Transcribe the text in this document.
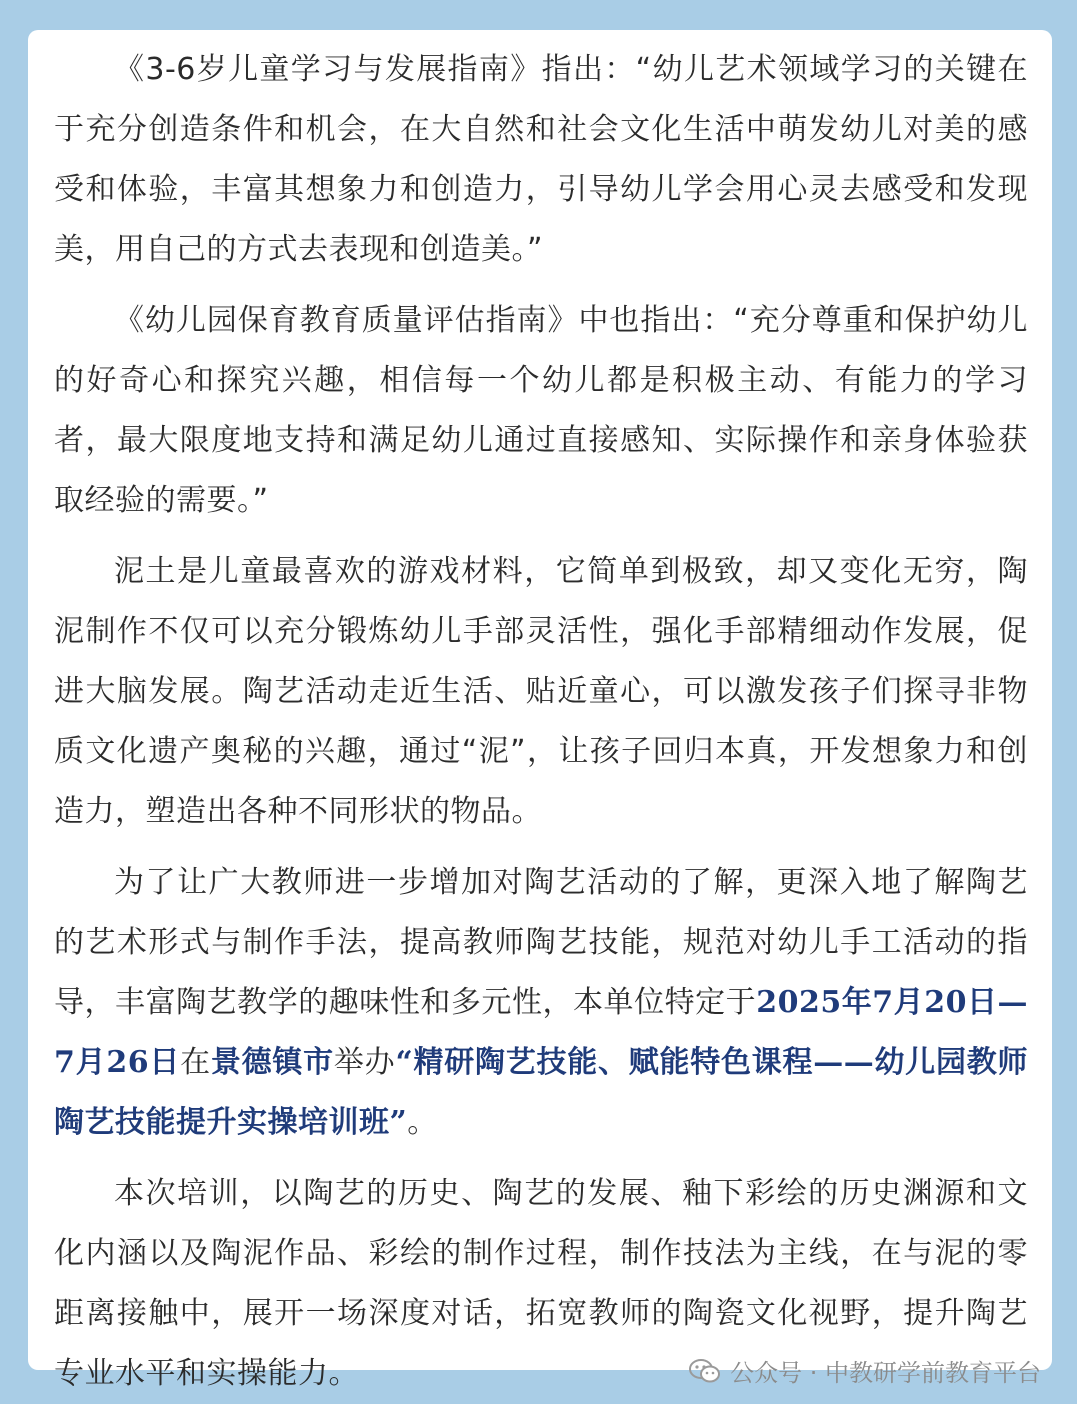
《3-6岁儿童学习与发展指南》指出：“幼儿艺术领域学习的关键在于充分创造条件和机会，在大自然和社会文化生活中萌发幼儿对美的感受和体验，丰富其想象力和创造力，引导幼儿学会用心灵去感受和发现美，用自己的方式去表现和创造美。”

《幼儿园保育教育质量评估指南》中也指出：“充分尊重和保护幼儿的好奇心和探究兴趣，相信每一个幼儿都是积极主动、有能力的学习者，最大限度地支持和满足幼儿通过直接感知、实际操作和亲身体验获取经验的需要。”

泥土是儿童最喜欢的游戏材料，它简单到极致，却又变化无穷，陶泥制作不仅可以充分锻炼幼儿手部灵活性，强化手部精细动作发展，促进大脑发展。陶艺活动走近生活、贴近童心，可以激发孩子们探寻非物质文化遗产奥秘的兴趣，通过“泥”，让孩子回归本真，开发想象力和创造力，塑造出各种不同形状的物品。

为了让广大教师进一步增加对陶艺活动的了解，更深入地了解陶艺的艺术形式与制作手法，提高教师陶艺技能，规范对幼儿手工活动的指导，丰富陶艺教学的趣味性和多元性，本单位特定于2025年7月20日—7月26日在景德镇市举办“精研陶艺技能、赋能特色课程——幼儿园教师陶艺技能提升实操培训班”。

本次培训，以陶艺的历史、陶艺的发展、釉下彩绘的历史渊源和文化内涵以及陶泥作品、彩绘的制作过程，制作技法为主线，在与泥的零距离接触中，展开一场深度对话，拓宽教师的陶瓷文化视野，提升陶艺专业水平和实操能力。	公众号 · 中教研学前教育平台
